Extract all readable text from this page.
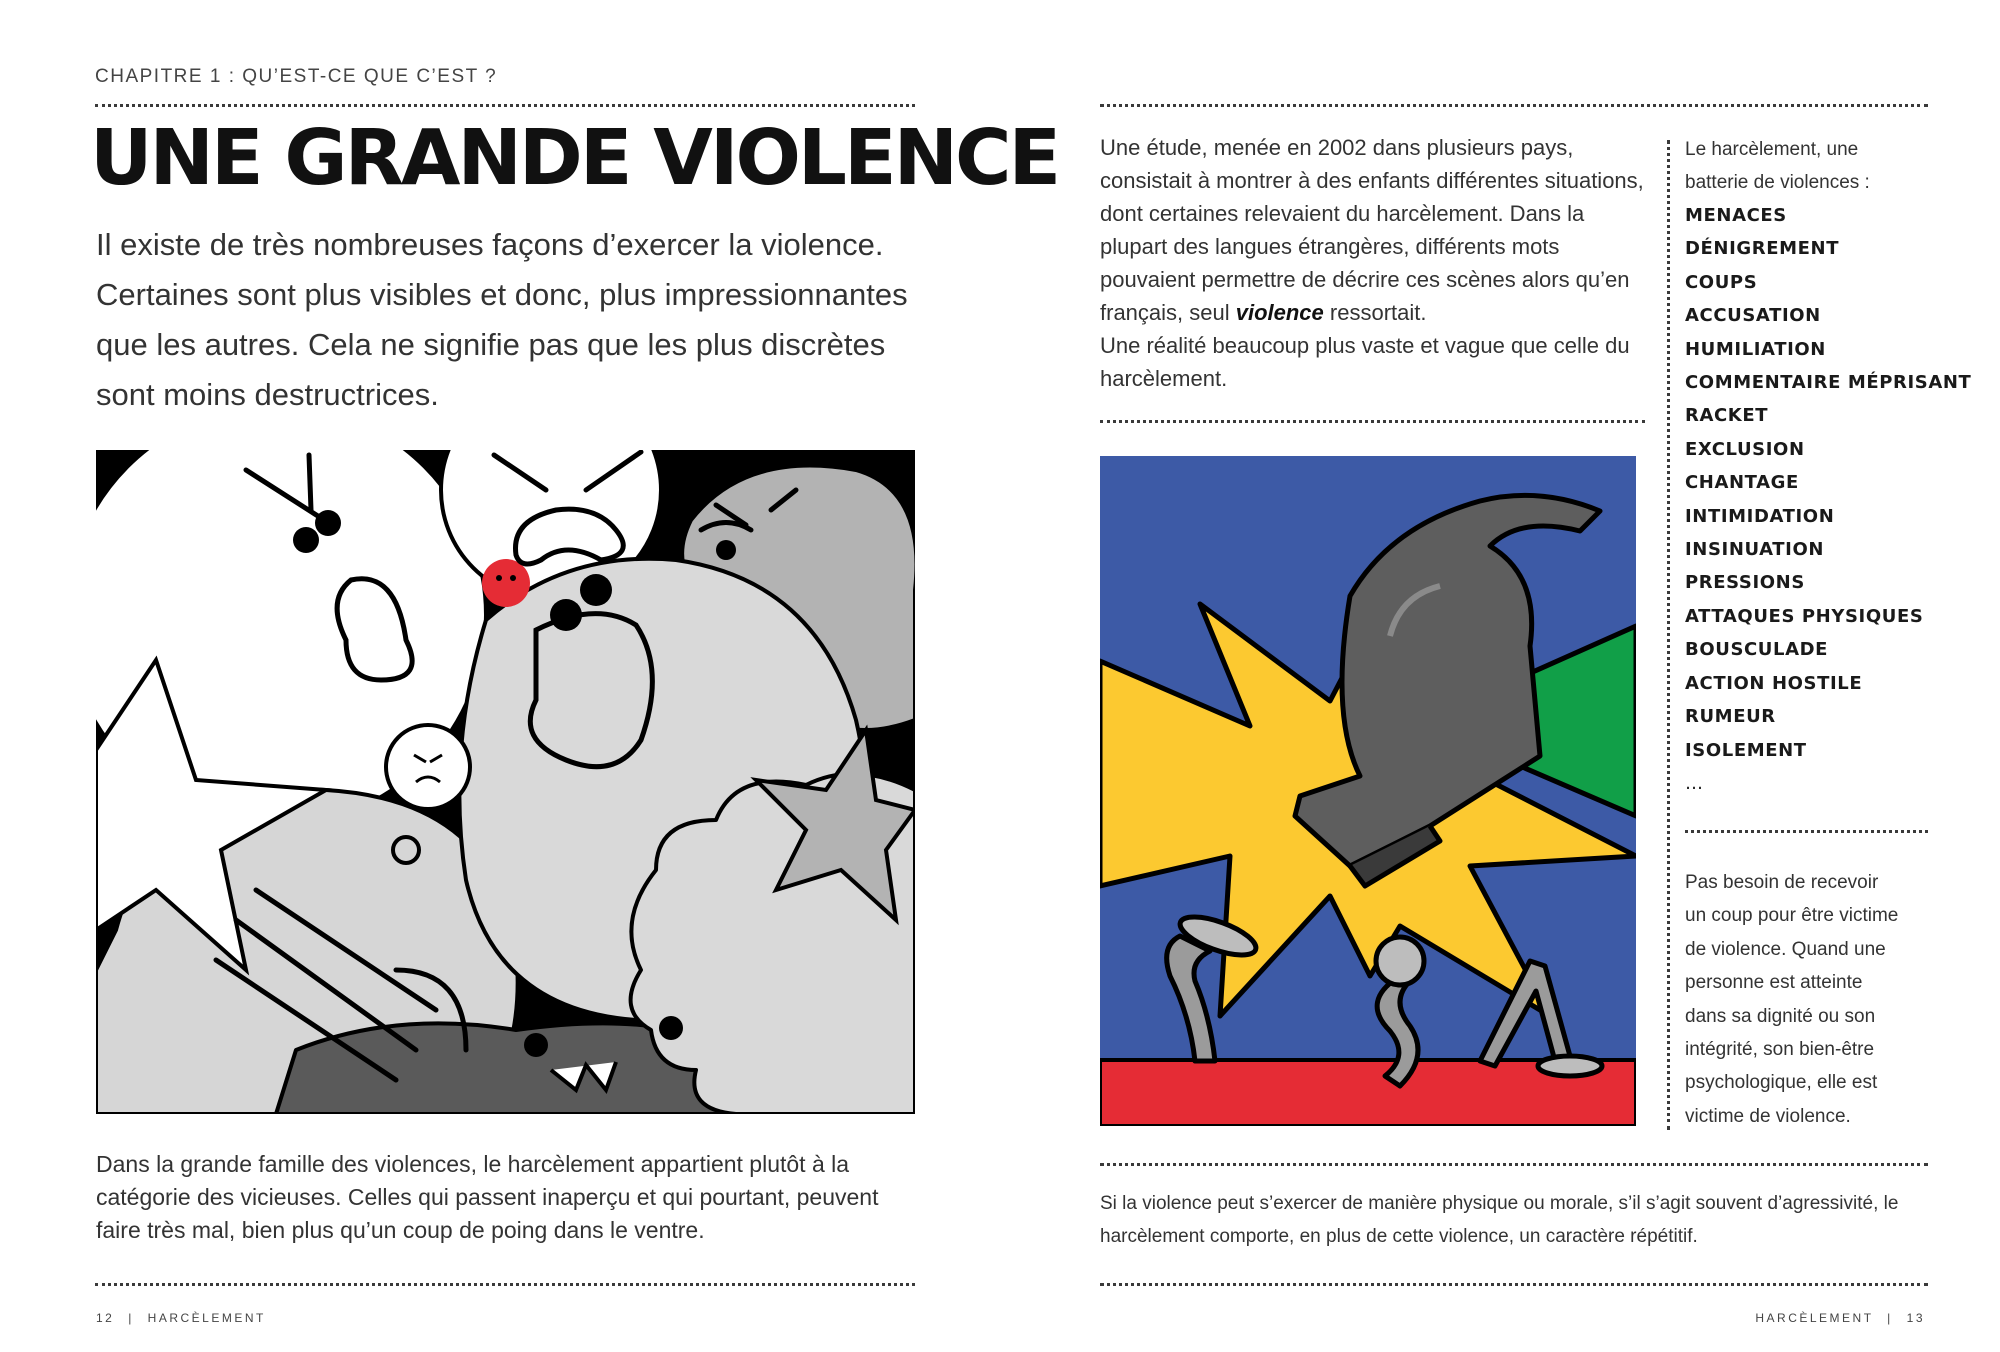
CHAPITRE 1 : QU’EST-CE QUE C’EST ?
UNE GRANDE VIOLENCE
Il existe de très nombreuses façons d’exercer la violence. Certaines sont plus visibles et donc, plus impressionnantes que les autres. Cela ne signifie pas que les plus discrètes sont moins destructrices.
Dans la grande famille des violences, le harcèlement appartient plutôt à la catégorie des vicieuses. Celles qui passent inaperçu et qui pourtant, peuvent faire très mal, bien plus qu’un coup de poing dans le ventre.
12 | HARCÈLEMENT
Une étude, menée en 2002 dans plusieurs pays, consistait à montrer à des enfants différentes situations, dont certaines relevaient du harcèlement. Dans la plupart des langues étrangères, différents mots pouvaient permettre de décrire ces scènes alors qu’en français, seul violence ressortait.
Une réalité beaucoup plus vaste et vague que celle du harcèlement.
Le harcèlement, une batterie de violences :
MENACES
DÉNIGREMENT
COUPS
ACCUSATION
HUMILIATION
COMMENTAIRE MÉPRISANT
RACKET
EXCLUSION
CHANTAGE
INTIMIDATION
INSINUATION
PRESSIONS
ATTAQUES PHYSIQUES
BOUSCULADE
ACTION HOSTILE
RUMEUR
ISOLEMENT
…
Pas besoin de recevoir un coup pour être victime de violence. Quand une personne est atteinte dans sa dignité ou son intégrité, son bien-être psychologique, elle est victime de violence.
Si la violence peut s’exercer de manière physique ou morale, s’il s’agit souvent d’agressivité, le harcèlement comporte, en plus de cette violence, un caractère répétitif.
HARCÈLEMENT | 13
